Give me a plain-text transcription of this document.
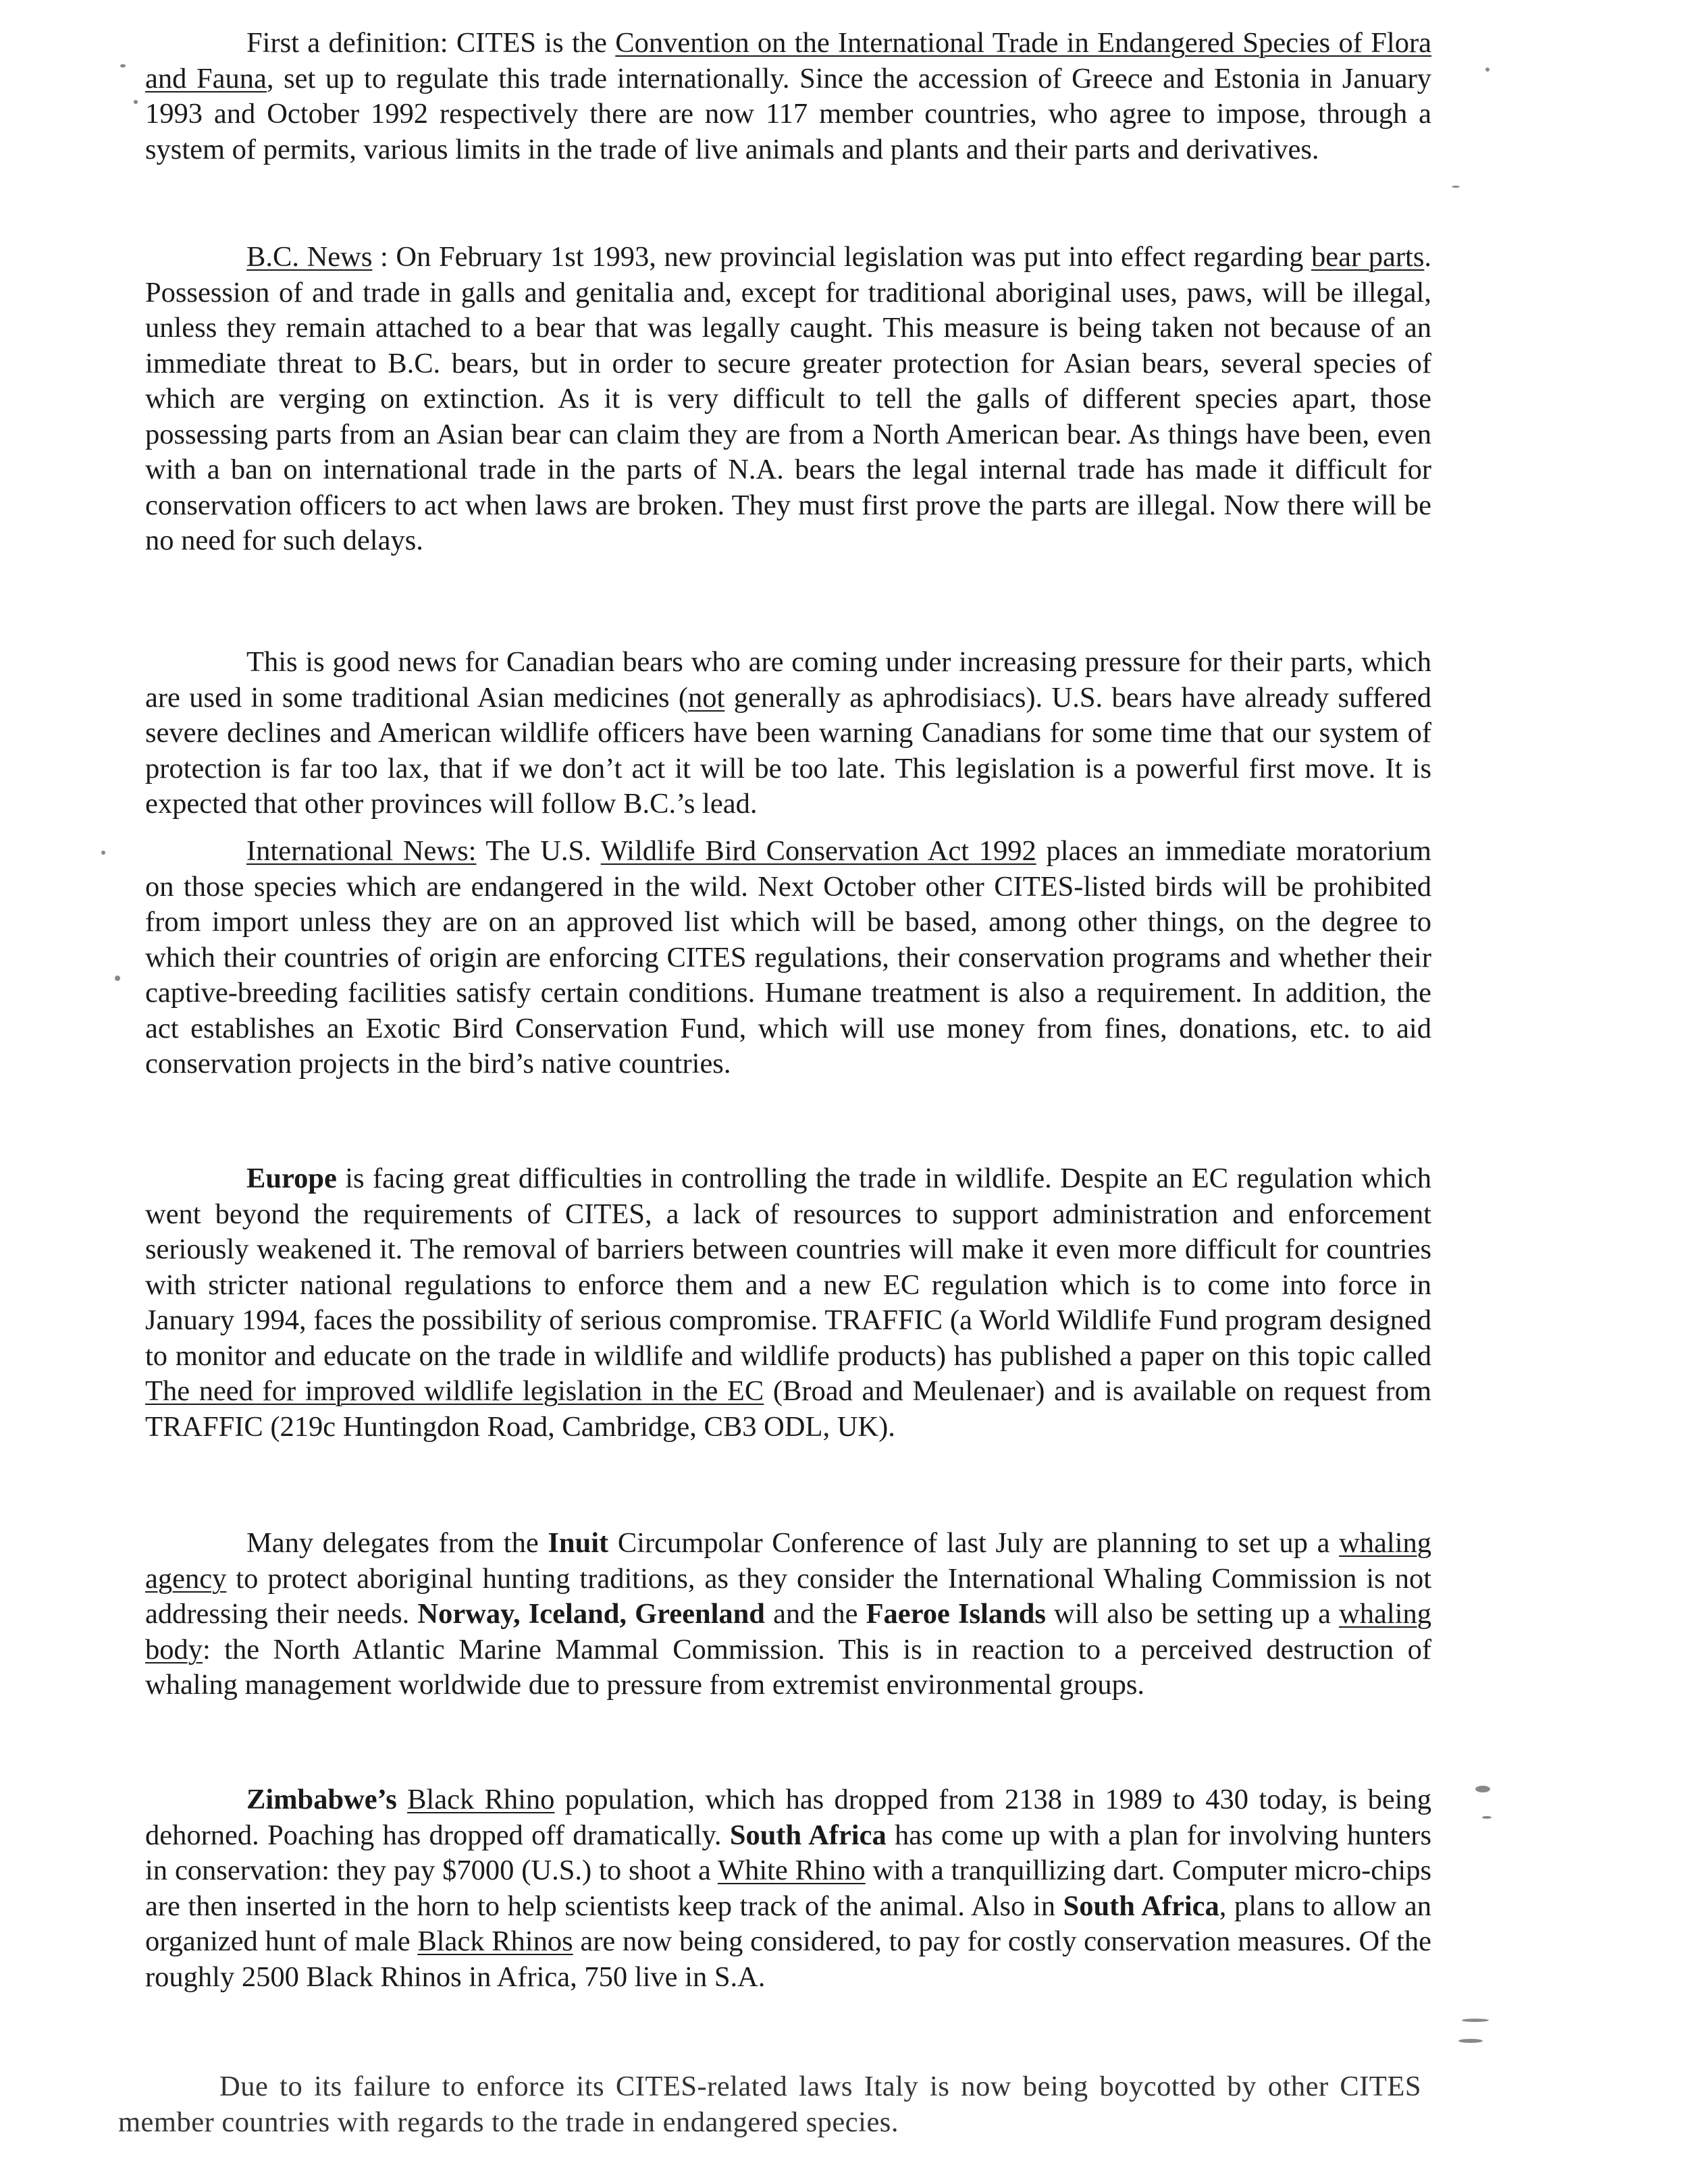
First a definition: CITES is the Convention on the International Trade in Endangered Species of Flora and Fauna, set up to regulate this trade internationally. Since the accession of Greece and Estonia in January 1993 and October 1992 respectively there are now 117 member countries, who agree to impose, through a system of permits, various limits in the trade of live animals and plants and their parts and derivatives.

B.C. News : On February 1st 1993, new provincial legislation was put into effect regarding bear parts. Possession of and trade in galls and genitalia and, except for traditional aboriginal uses, paws, will be illegal, unless they remain attached to a bear that was legally caught. This measure is being taken not because of an immediate threat to B.C. bears, but in order to secure greater protection for Asian bears, several species of which are verging on extinction. As it is very difficult to tell the galls of different species apart, those possessing parts from an Asian bear can claim they are from a North American bear. As things have been, even with a ban on international trade in the parts of N.A. bears the legal internal trade has made it difficult for conservation officers to act when laws are broken. They must first prove the parts are illegal. Now there will be no need for such delays.

This is good news for Canadian bears who are coming under increasing pressure for their parts, which are used in some traditional Asian medicines (not generally as aphrodisiacs). U.S. bears have already suffered severe declines and American wildlife officers have been warning Canadians for some time that our system of protection is far too lax, that if we don’t act it will be too late. This legislation is a powerful first move. It is expected that other provinces will follow B.C.’s lead.

International News: The U.S. Wildlife Bird Conservation Act 1992 places an immediate moratorium on those species which are endangered in the wild. Next October other CITES-listed birds will be prohibited from import unless they are on an approved list which will be based, among other things, on the degree to which their countries of origin are enforcing CITES regulations, their conservation programs and whether their captive-breeding facilities satisfy certain conditions. Humane treatment is also a requirement. In addition, the act establishes an Exotic Bird Conservation Fund, which will use money from fines, donations, etc. to aid conservation projects in the bird’s native countries.

Europe is facing great difficulties in controlling the trade in wildlife. Despite an EC regulation which went beyond the requirements of CITES, a lack of resources to support administration and enforcement seriously weakened it. The removal of barriers between countries will make it even more difficult for countries with stricter national regulations to enforce them and a new EC regulation which is to come into force in January 1994, faces the possibility of serious compromise. TRAFFIC (a World Wildlife Fund program designed to monitor and educate on the trade in wildlife and wildlife products) has published a paper on this topic called The need for improved wildlife legislation in the EC (Broad and Meulenaer) and is available on request from TRAFFIC (219c Huntingdon Road, Cambridge, CB3 ODL, UK).

Many delegates from the Inuit Circumpolar Conference of last July are planning to set up a whaling agency to protect aboriginal hunting traditions, as they consider the International Whaling Commission is not addressing their needs. Norway, Iceland, Greenland and the Faeroe Islands will also be setting up a whaling body: the North Atlantic Marine Mammal Commission. This is in reaction to a perceived destruction of whaling management worldwide due to pressure from extremist environmental groups.

Zimbabwe’s Black Rhino population, which has dropped from 2138 in 1989 to 430 today, is being dehorned. Poaching has dropped off dramatically. South Africa has come up with a plan for involving hunters in conservation: they pay $7000 (U.S.) to shoot a White Rhino with a tranquillizing dart. Computer micro-chips are then inserted in the horn to help scientists keep track of the animal. Also in South Africa, plans to allow an organized hunt of male Black Rhinos are now being considered, to pay for costly conservation measures. Of the roughly 2500 Black Rhinos in Africa, 750 live in S.A.

Due to its failure to enforce its CITES-related laws Italy is now being boycotted by other CITES member countries with regards to the trade in endangered species.
